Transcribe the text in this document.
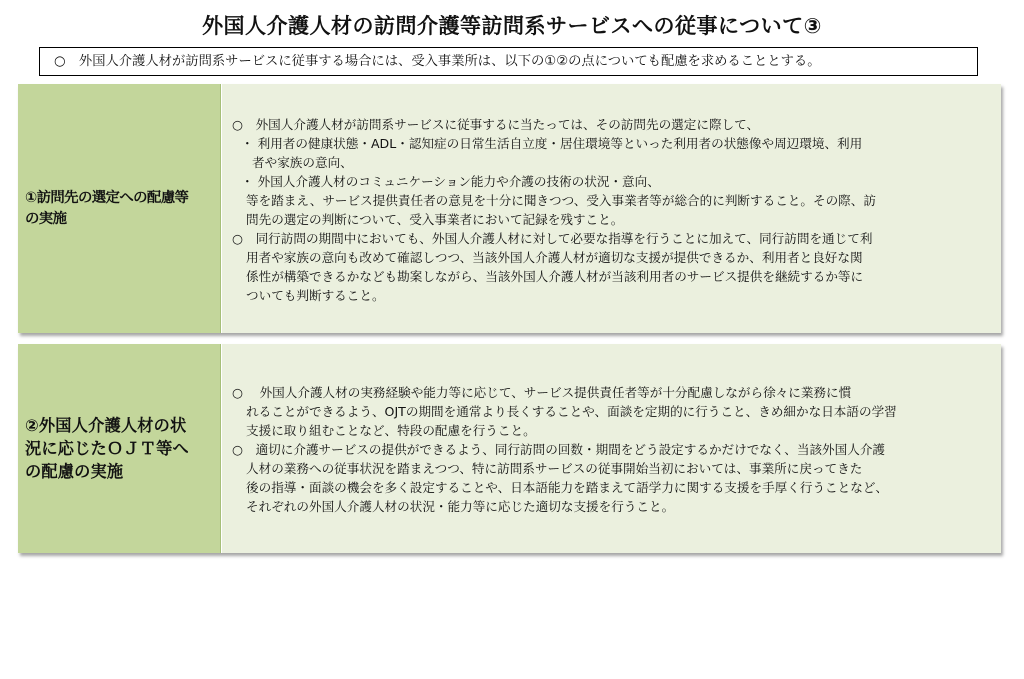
外国人介護人材の訪問介護等訪問系サービスへの従事について③
○　外国人介護人材が訪問系サービスに従事する場合には、受入事業所は、以下の①②の点についても配慮を求めることとする。
①訪問先の選定への配慮等
の実施
○　外国人介護人材が訪問系サービスに従事するに当たっては、その訪問先の選定に際して、
・ 利用者の健康状態・ADL・認知症の日常生活自立度・居住環境等といった利用者の状態像や周辺環境、利用
者や家族の意向、
・ 外国人介護人材のコミュニケーション能力や介護の技術の状況・意向、
等を踏まえ、サービス提供責任者の意見を十分に聞きつつ、受入事業者等が総合的に判断すること。その際、訪
問先の選定の判断について、受入事業者において記録を残すこと。
○　同行訪問の期間中においても、外国人介護人材に対して必要な指導を行うことに加えて、同行訪問を通じて利
用者や家族の意向も改めて確認しつつ、当該外国人介護人材が適切な支援が提供できるか、利用者と良好な関
係性が構築できるかなども勘案しながら、当該外国人介護人材が当該利用者のサービス提供を継続するか等に
ついても判断すること。
②外国人介護人材の状
況に応じたＯＪＴ等へ
の配慮の実施
○　 外国人介護人材の実務経験や能力等に応じて、サービス提供責任者等が十分配慮しながら徐々に業務に慣
れることができるよう、OJTの期間を通常より長くすることや、面談を定期的に行うこと、きめ細かな日本語の学習
支援に取り組むことなど、特段の配慮を行うこと。
○　適切に介護サービスの提供ができるよう、同行訪問の回数・期間をどう設定するかだけでなく、当該外国人介護
人材の業務への従事状況を踏まえつつ、特に訪問系サービスの従事開始当初においては、事業所に戻ってきた
後の指導・面談の機会を多く設定することや、日本語能力を踏まえて語学力に関する支援を手厚く行うことなど、
それぞれの外国人介護人材の状況・能力等に応じた適切な支援を行うこと。
